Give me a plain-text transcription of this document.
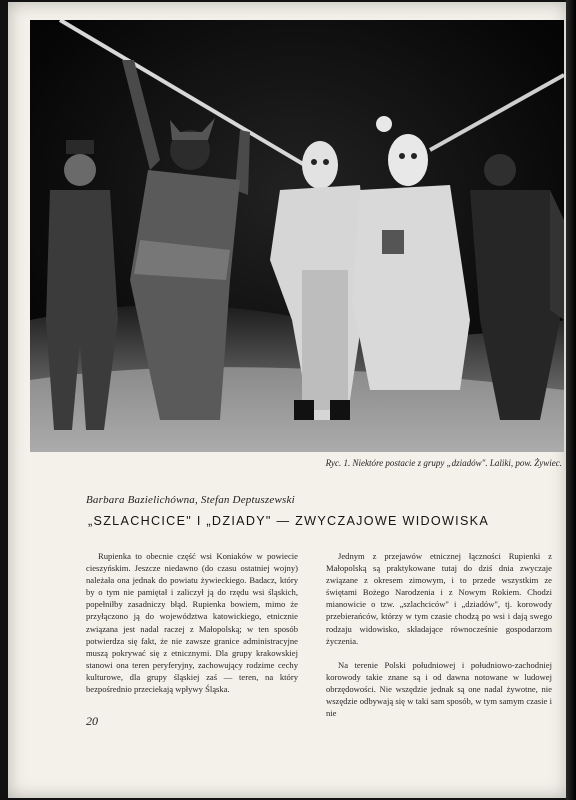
Ryc. 1. Niektóre postacie z grupy „dziadów". Laliki, pow. Żywiec.
Barbara Bazielichówna, Stefan Deptuszewski
„SZLACHCICE" I „DZIADY" — ZWYCZAJOWE WIDOWISKA

Rupienka to obecnie część wsi Koniaków w powiecie cieszyńskim. Jeszcze niedawno (do czasu ostatniej wojny) należała ona jednak do powiatu żywieckiego. Badacz, który by o tym nie pamiętał i zaliczył ją do rzędu wsi śląskich, popełniłby zasadniczy błąd. Rupienka bowiem, mimo że przyłączono ją do województwa katowickiego, etnicznie związana jest nadal raczej z Małopolską; w ten sposób potwierdza się fakt, że nie zawsze granice administracyjne muszą pokrywać się z etnicznymi. Dla grupy krakowskiej stanowi ona teren peryferyjny, zachowujący rodzime cechy kulturowe, dla grupy śląskiej zaś — teren, na który bezpośrednio przeciekają wpływy Śląska.

Jednym z przejawów etnicznej łączności Rupienki z Małopolską są praktykowane tutaj do dziś dnia zwyczaje związane z okresem zimowym, i to przede wszystkim ze świętami Bożego Narodzenia i z Nowym Rokiem. Chodzi mianowicie o tzw. „szlachciców" i „dziadów", tj. korowody przebierańców, którzy w tym czasie chodzą po wsi i dają swego rodzaju widowisko, składające równocześnie gospodarzom życzenia.

Na terenie Polski południowej i południowo-zachodniej korowody takie znane są i od dawna notowane w ludowej obrzędowości. Nie wszędzie jednak są one nadal żywotne, nie wszędzie odbywają się w taki sam sposób, w tym samym czasie i nie

20
